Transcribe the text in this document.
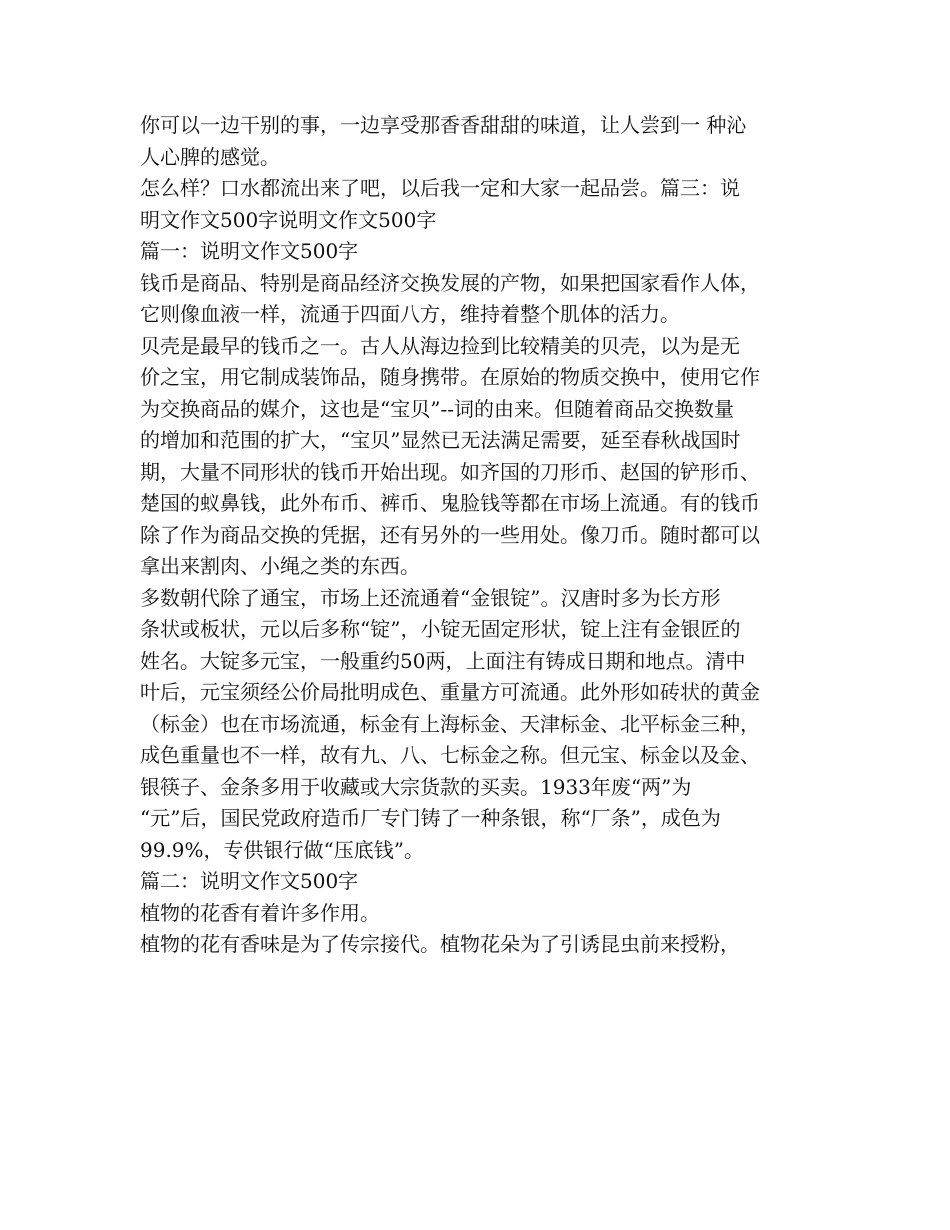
你可以一边干别的事，一边享受那香香甜甜的味道，让人尝到一 种沁
人心脾的感觉。
怎么样？口水都流出来了吧，以后我一定和大家一起品尝。篇三：说
明文作文500字说明文作文500字
篇一：说明文作文500字
钱币是商品、特别是商品经济交换发展的产物，如果把国家看作人体，
它则像血液一样，流通于四面八方，维持着整个肌体的活力。
贝壳是最早的钱币之一。古人从海边捡到比较精美的贝壳，以为是无
价之宝，用它制成装饰品，随身携带。在原始的物质交换中，使用它作
为交换商品的媒介，这也是“宝贝”--词的由来。但随着商品交换数量
的增加和范围的扩大，“宝贝”显然已无法满足需要，延至春秋战国时
期，大量不同形状的钱币开始出现。如齐国的刀形币、赵国的铲形币、
楚国的蚁鼻钱，此外布币、裤币、鬼脸钱等都在市场上流通。有的钱币
除了作为商品交换的凭据，还有另外的一些用处。像刀币。随时都可以
拿出来割肉、小绳之类的东西。
多数朝代除了通宝，市场上还流通着“金银锭”。汉唐时多为长方形
条状或板状，元以后多称“锭”，小锭无固定形状，锭上注有金银匠的
姓名。大锭多元宝，一般重约50两，上面注有铸成日期和地点。清中
叶后，元宝须经公价局批明成色、重量方可流通。此外形如砖状的黄金
（标金）也在市场流通，标金有上海标金、天津标金、北平标金三种，
成色重量也不一样，故有九、八、七标金之称。但元宝、标金以及金、
银筷子、金条多用于收藏或大宗货款的买卖。1933年废“两”为
“元”后，国民党政府造币厂专门铸了一种条银，称“厂条”，成色为
99.9%，专供银行做“压底钱”。
篇二：说明文作文500字
植物的花香有着许多作用。
植物的花有香味是为了传宗接代。植物花朵为了引诱昆虫前来授粉，
